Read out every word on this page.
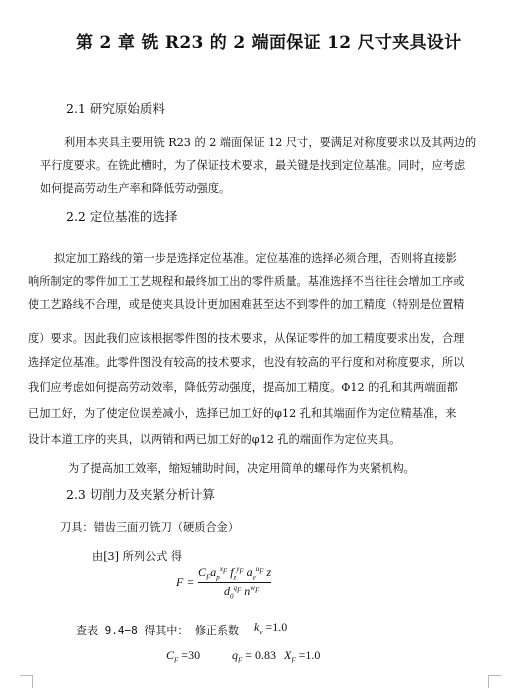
第 2 章 铣 R23 的 2 端面保证 12 尺寸夹具设计
2.1 研究原始质料
利用本夹具主要用铣 R23 的 2 端面保证 12 尺寸，要满足对称度要求以及其两边的
平行度要求。在铣此槽时，为了保证技术要求，最关键是找到定位基准。同时，应考虑
如何提高劳动生产率和降低劳动强度。
2.2 定位基准的选择
拟定加工路线的第一步是选择定位基准。定位基准的选择必须合理，否则将直接影
响所制定的零件加工工艺规程和最终加工出的零件质量。基准选择不当往往会增加工序或
使工艺路线不合理，或是使夹具设计更加困难甚至达不到零件的加工精度（特别是位置精
度）要求。因此我们应该根据零件图的技术要求，从保证零件的加工精度要求出发，合理
选择定位基准。此零件图没有较高的技术要求，也没有较高的平行度和对称度要求，所以
我们应考虑如何提高劳动效率，降低劳动强度，提高加工精度。Φ12 的孔和其两端面都
已加工好，为了使定位误差减小，选择已加工好的φ12 孔和其端面作为定位精基准，来
设计本道工序的夹具，以两销和两已加工好的φ12 孔的端面作为定位夹具。
为了提高加工效率，缩短辅助时间，决定用简单的螺母作为夹紧机构。
2.3 切削力及夹紧分析计算
刀具：错齿三面刃铣刀（硬质合金）
由[3] 所列公式 得
F =
$C_Fa_p^{x_F}$ $f_z^{y_F}$ $a_e^{u_F}$ z
$d_0^{q_F}$ $n^{w_F}$
查表 9.4−8 得其中： 修正系数 $k_v =1.0$
$C_F =30$	$q_F = 0.83$ $X_F =1.0$
